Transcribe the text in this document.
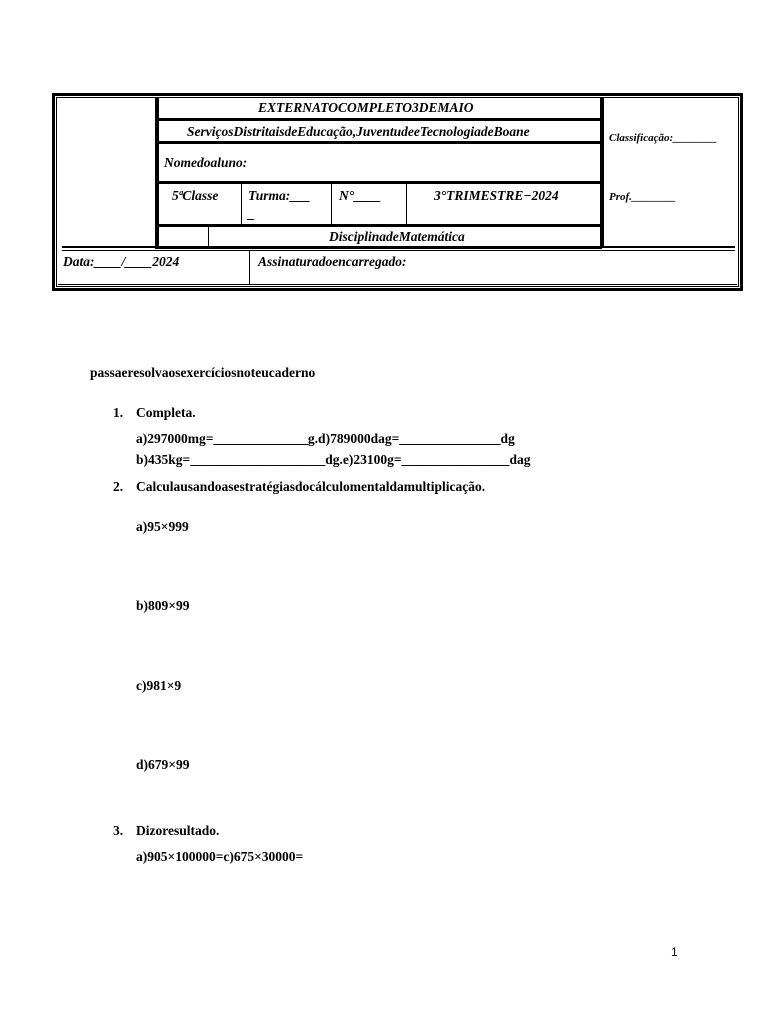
EXTERNATOCOMPLETO3DEMAIO
ServiçosDistritaisdeEducação,JuventudeeTecnologiadeBoane
Nomedoaluno:
5ªClasse Turma:___
_
N°____	3°TRIMESTRE−2024
DisciplinadeMatemática
Classificação:________
Prof.________
Data:____/____2024	Assinaturadoencarregado:
passaeresolvaosexercíciosnoteucaderno
1. Completa.
a)297000mg=______________g.d)789000dag=_______________dg
b)435kg=____________________dg.e)23100g=________________dag
2. Calculausandoasestratégiasdocálculomentaldamultiplicação.
a)95×999
b)809×99
c)981×9
d)679×99
3. Dizoresultado.
a)905×100000=c)675×30000=
1
